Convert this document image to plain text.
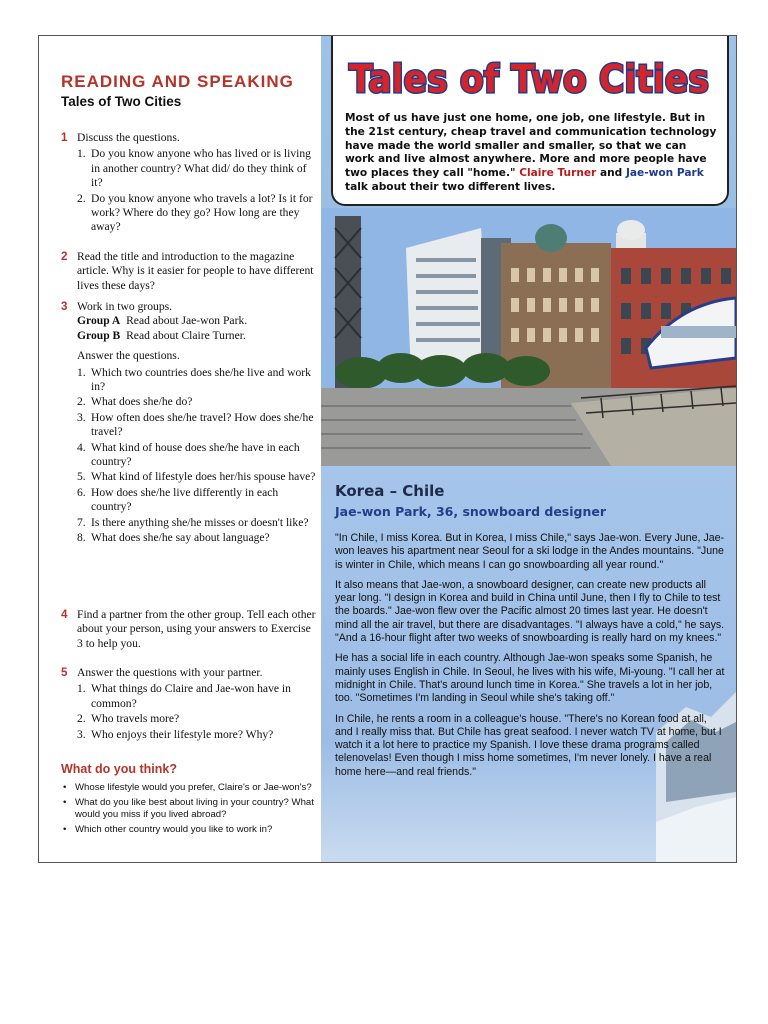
READING AND SPEAKING
Tales of Two Cities
1 Discuss the questions.
1. Do you know anyone who has lived or is living in another country? What did/ do they think of it?
2. Do you know anyone who travels a lot? Is it for work? Where do they go? How long are they away?
2 Read the title and introduction to the magazine article. Why is it easier for people to have different lives these days?
3 Work in two groups.
Group A Read about Jae-won Park.
Group B Read about Claire Turner.
Answer the questions.
1. Which two countries does she/he live and work in?
2. What does she/he do?
3. How often does she/he travel? How does she/he travel?
4. What kind of house does she/he have in each country?
5. What kind of lifestyle does her/his spouse have?
6. How does she/he live differently in each country?
7. Is there anything she/he misses or doesn't like?
8. What does she/he say about language?
4 Find a partner from the other group. Tell each other about your person, using your answers to Exercise 3 to help you.
5 Answer the questions with your partner.
1. What things do Claire and Jae-won have in common?
2. Who travels more?
3. Who enjoys their lifestyle more? Why?
What do you think?
• Whose lifestyle would you prefer, Claire's or Jae-won's?
• What do you like best about living in your country? What would you miss if you lived abroad?
• Which other country would you like to work in?
Tales of Two Cities

Most of us have just one home, one job, one lifestyle. But in the 21st century, cheap travel and communication technology have made the world smaller and smaller, so that we can work and live almost anywhere. More and more people have two places they call "home." Claire Turner and Jae-won Park talk about their two different lives.

Korea – Chile
Jae-won Park, 36, snowboard designer

"In Chile, I miss Korea. But in Korea, I miss Chile," says Jae-won. Every June, Jae-won leaves his apartment near Seoul for a ski lodge in the Andes mountains. "June is winter in Chile, which means I can go snowboarding all year round."

It also means that Jae-won, a snowboard designer, can create new products all year long. "I design in Korea and build in China until June, then I fly to Chile to test the boards." Jae-won flew over the Pacific almost 20 times last year. He doesn't mind all the air travel, but there are disadvantages. "I always have a cold," he says. "And a 16-hour flight after two weeks of snowboarding is really hard on my knees."

He has a social life in each country. Although Jae-won speaks some Spanish, he mainly uses English in Chile. In Seoul, he lives with his wife, Mi-young. "I call her at midnight in Chile. That's around lunch time in Korea." She travels a lot in her job, too. "Sometimes I'm landing in Seoul while she's taking off."

In Chile, he rents a room in a colleague's house. "There's no Korean food at all, and I really miss that. But Chile has great seafood. I never watch TV at home, but I watch it a lot here to practice my Spanish. I love these drama programs called telenovelas! Even though I miss home sometimes, I'm never lonely. I have a real home here—and real friends."
